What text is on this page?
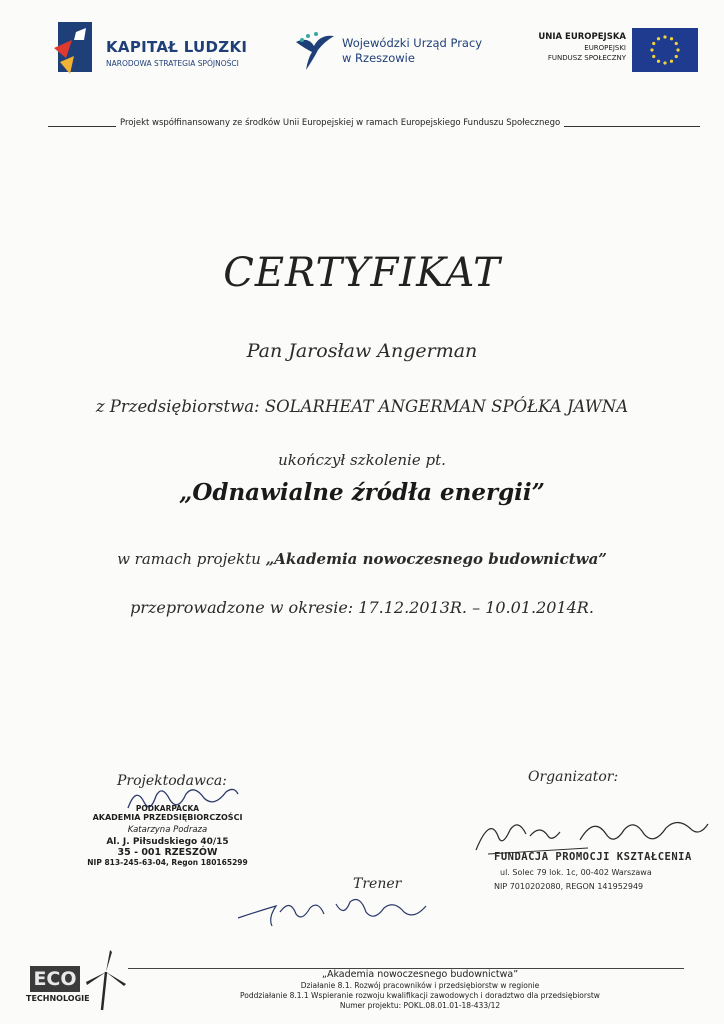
KAPITAŁ LUDZKI
NARODOWA STRATEGIA SPÓJNOŚCI
Wojewódzki Urząd Pracy
w Rzeszowie
UNIA EUROPEJSKA
EUROPEJSKI
FUNDUSZ SPOŁECZNY
Projekt współfinansowany ze środków Unii Europejskiej w ramach Europejskiego Funduszu Społecznego
CERTYFIKAT
Pan Jarosław Angerman
z Przedsiębiorstwa: SOLARHEAT ANGERMAN SPÓŁKA JAWNA
ukończył szkolenie pt.
„Odnawialne źródła energii”
w ramach projektu „Akademia nowoczesnego budownictwa”
przeprowadzone w okresie: 17.12.2013R. – 10.01.2014R.
Projektodawca:
PODKARPACKA
AKADEMIA PRZEDSIĘBIORCZOŚCI
Katarzyna Podraza
Al. J. Piłsudskiego 40/15
35 - 001 RZESZÓW
NIP 813-245-63-04, Regon 180165299
Organizator:
FUNDACJA PROMOCJI KSZTAŁCENIA
ul. Solec 79 lok. 1c, 00-402 Warszawa
NIP 7010202080, REGON 141952949
Trener
ECO
TECHNOLOGIE
„Akademia nowoczesnego budownictwa”
Działanie 8.1. Rozwój pracowników i przedsiębiorstw w regionie
Poddziałanie 8.1.1 Wspieranie rozwoju kwalifikacji zawodowych i doradztwo dla przedsiębiorstw
Numer projektu: POKL.08.01.01-18-433/12
